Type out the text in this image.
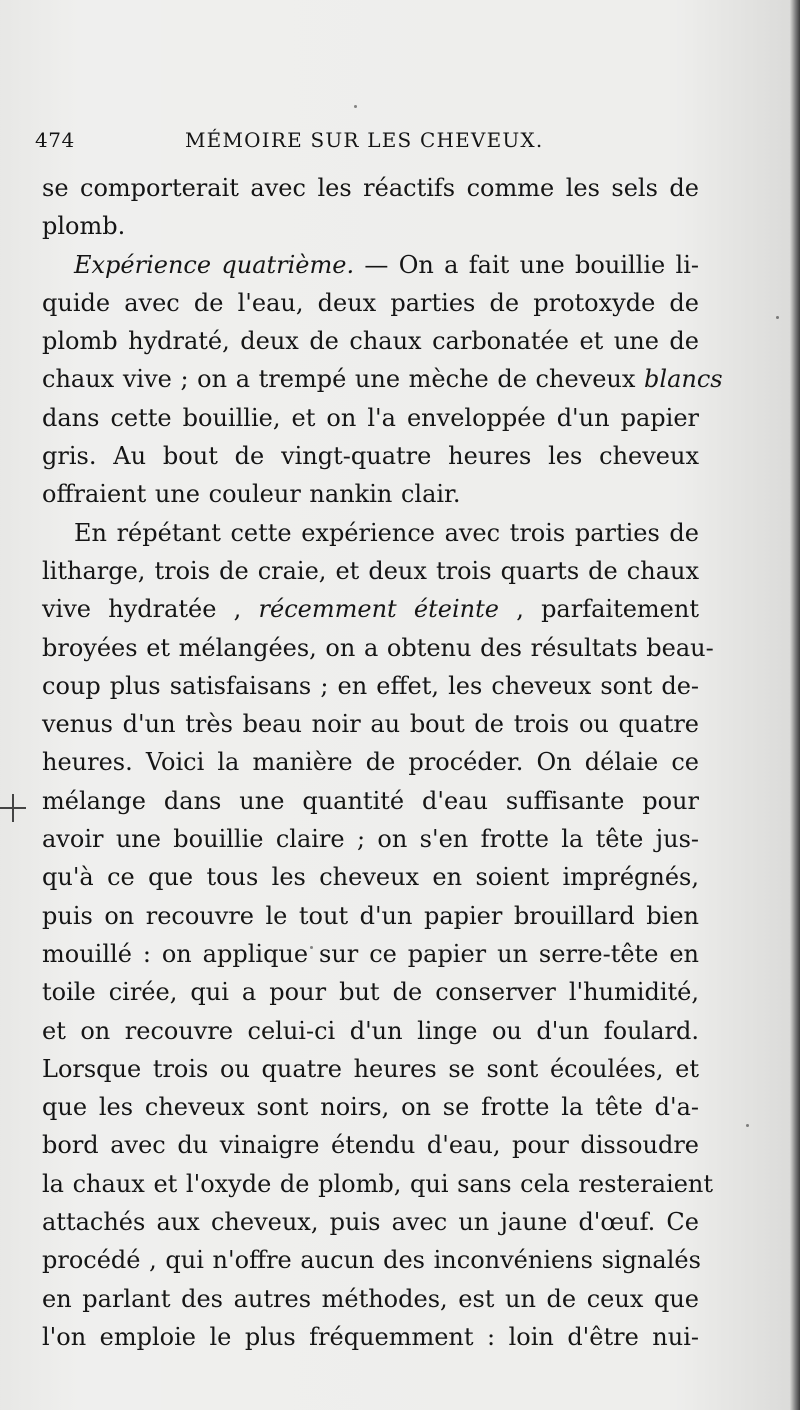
474	MÉMOIRE SUR LES CHEVEUX.
se comporterait avec les réactifs comme les sels de
plomb.
Expérience quatrième. — On a fait une bouillie li-
quide avec de l'eau, deux parties de protoxyde de
plomb hydraté, deux de chaux carbonatée et une de
chaux vive ; on a trempé une mèche de cheveux blancs
dans cette bouillie, et on l'a enveloppée d'un papier
gris. Au bout de vingt-quatre heures les cheveux
offraient une couleur nankin clair.
En répétant cette expérience avec trois parties de
litharge, trois de craie, et deux trois quarts de chaux
vive hydratée , récemment éteinte , parfaitement
broyées et mélangées, on a obtenu des résultats beau-
coup plus satisfaisans ; en effet, les cheveux sont de-
venus d'un très beau noir au bout de trois ou quatre
heures. Voici la manière de procéder. On délaie ce
mélange dans une quantité d'eau suffisante pour
avoir une bouillie claire ; on s'en frotte la tête jus-
qu'à ce que tous les cheveux en soient imprégnés,
puis on recouvre le tout d'un papier brouillard bien
mouillé : on applique sur ce papier un serre-tête en
toile cirée, qui a pour but de conserver l'humidité,
et on recouvre celui-ci d'un linge ou d'un foulard.
Lorsque trois ou quatre heures se sont écoulées, et
que les cheveux sont noirs, on se frotte la tête d'a-
bord avec du vinaigre étendu d'eau, pour dissoudre
la chaux et l'oxyde de plomb, qui sans cela resteraient
attachés aux cheveux, puis avec un jaune d'œuf. Ce
procédé , qui n'offre aucun des inconvéniens signalés
en parlant des autres méthodes, est un de ceux que
l'on emploie le plus fréquemment : loin d'être nui-
